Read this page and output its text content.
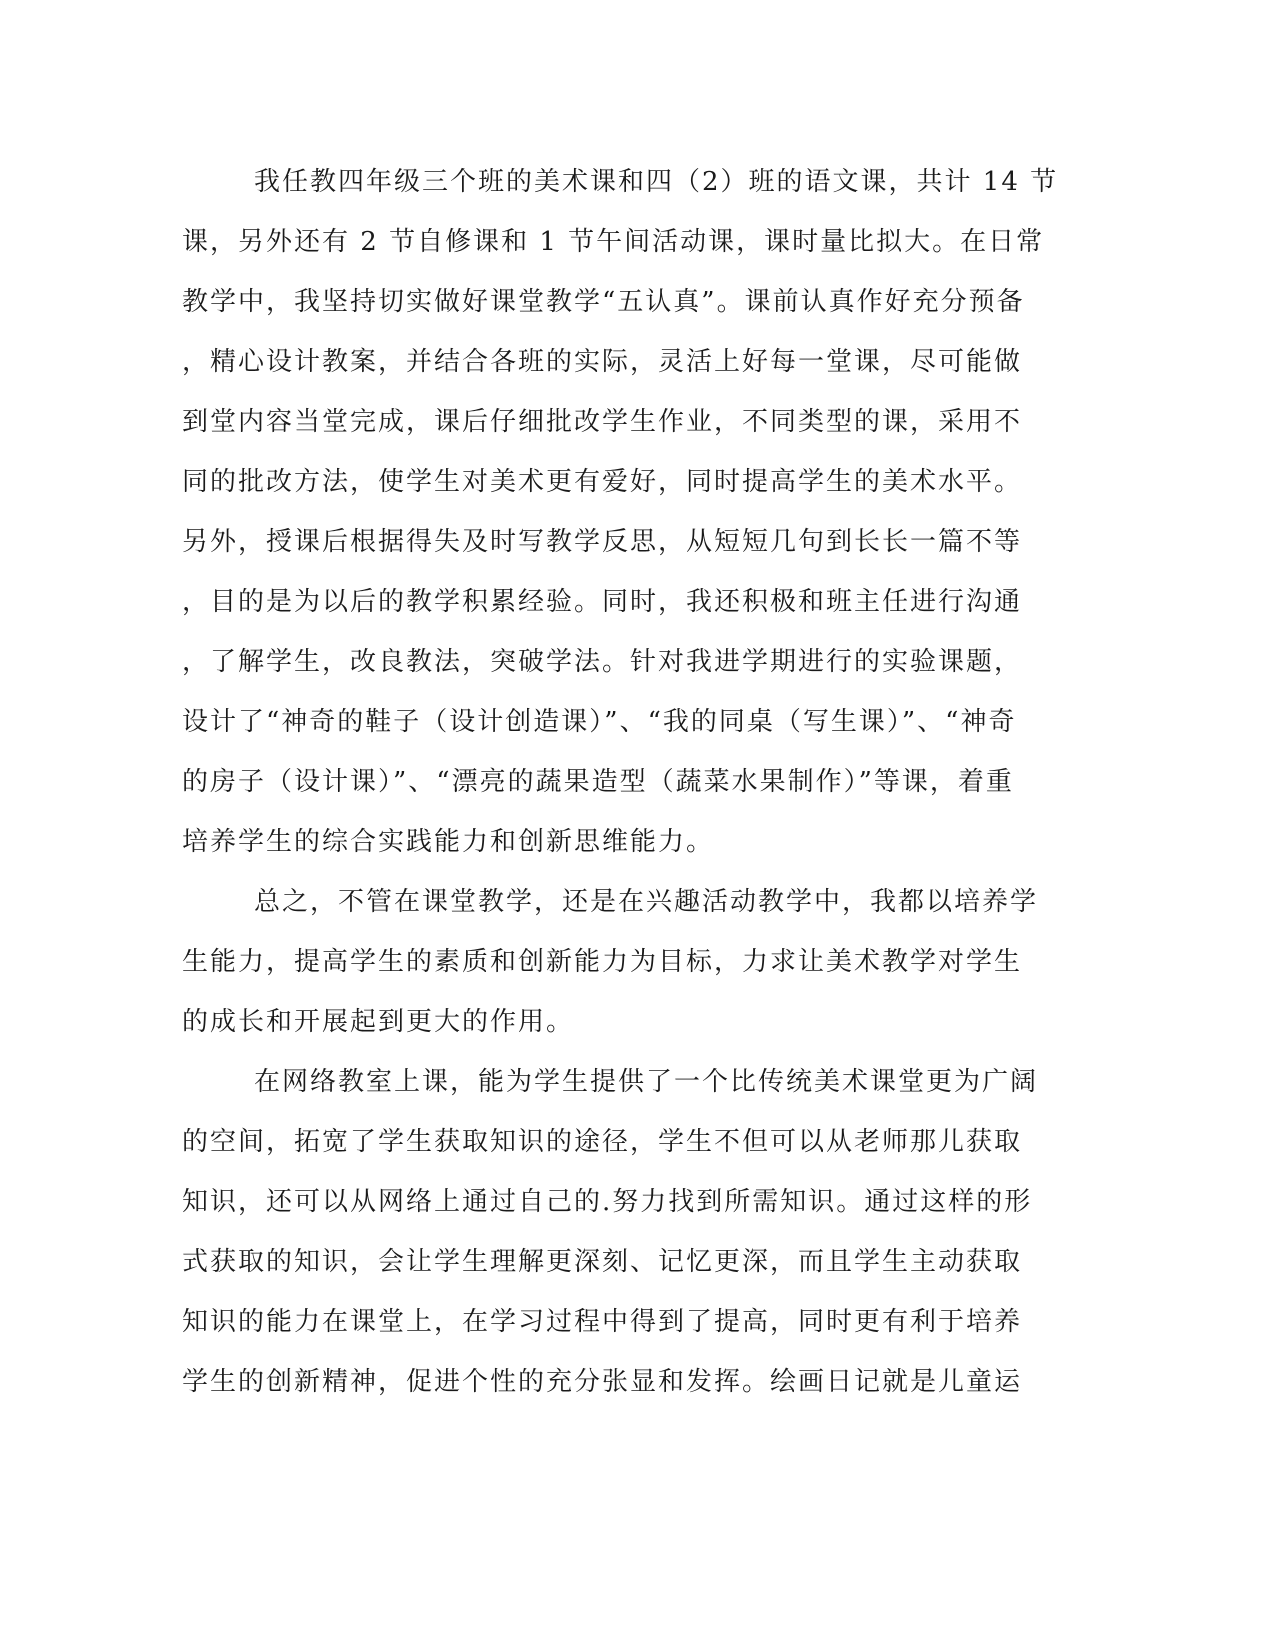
我任教四年级三个班的美术课和四（2）班的语文课，共计 14 节
课，另外还有 2 节自修课和 1 节午间活动课，课时量比拟大。在日常
教学中，我坚持切实做好课堂教学“五认真”。课前认真作好充分预备
，精心设计教案，并结合各班的实际，灵活上好每一堂课，尽可能做
到堂内容当堂完成，课后仔细批改学生作业，不同类型的课，采用不
同的批改方法，使学生对美术更有爱好，同时提高学生的美术水平。
另外，授课后根据得失及时写教学反思，从短短几句到长长一篇不等
，目的是为以后的教学积累经验。同时，我还积极和班主任进行沟通
，了解学生，改良教法，突破学法。针对我进学期进行的实验课题，
设计了“神奇的鞋子（设计创造课）”、“我的同桌（写生课）”、“神奇
的房子（设计课）”、“漂亮的蔬果造型（蔬菜水果制作）”等课，着重
培养学生的综合实践能力和创新思维能力。
总之，不管在课堂教学，还是在兴趣活动教学中，我都以培养学
生能力，提高学生的素质和创新能力为目标，力求让美术教学对学生
的成长和开展起到更大的作用。
在网络教室上课，能为学生提供了一个比传统美术课堂更为广阔
的空间，拓宽了学生获取知识的途径，学生不但可以从老师那儿获取
知识，还可以从网络上通过自己的.努力找到所需知识。通过这样的形
式获取的知识，会让学生理解更深刻、记忆更深，而且学生主动获取
知识的能力在课堂上，在学习过程中得到了提高，同时更有利于培养
学生的创新精神，促进个性的充分张显和发挥。绘画日记就是儿童运
